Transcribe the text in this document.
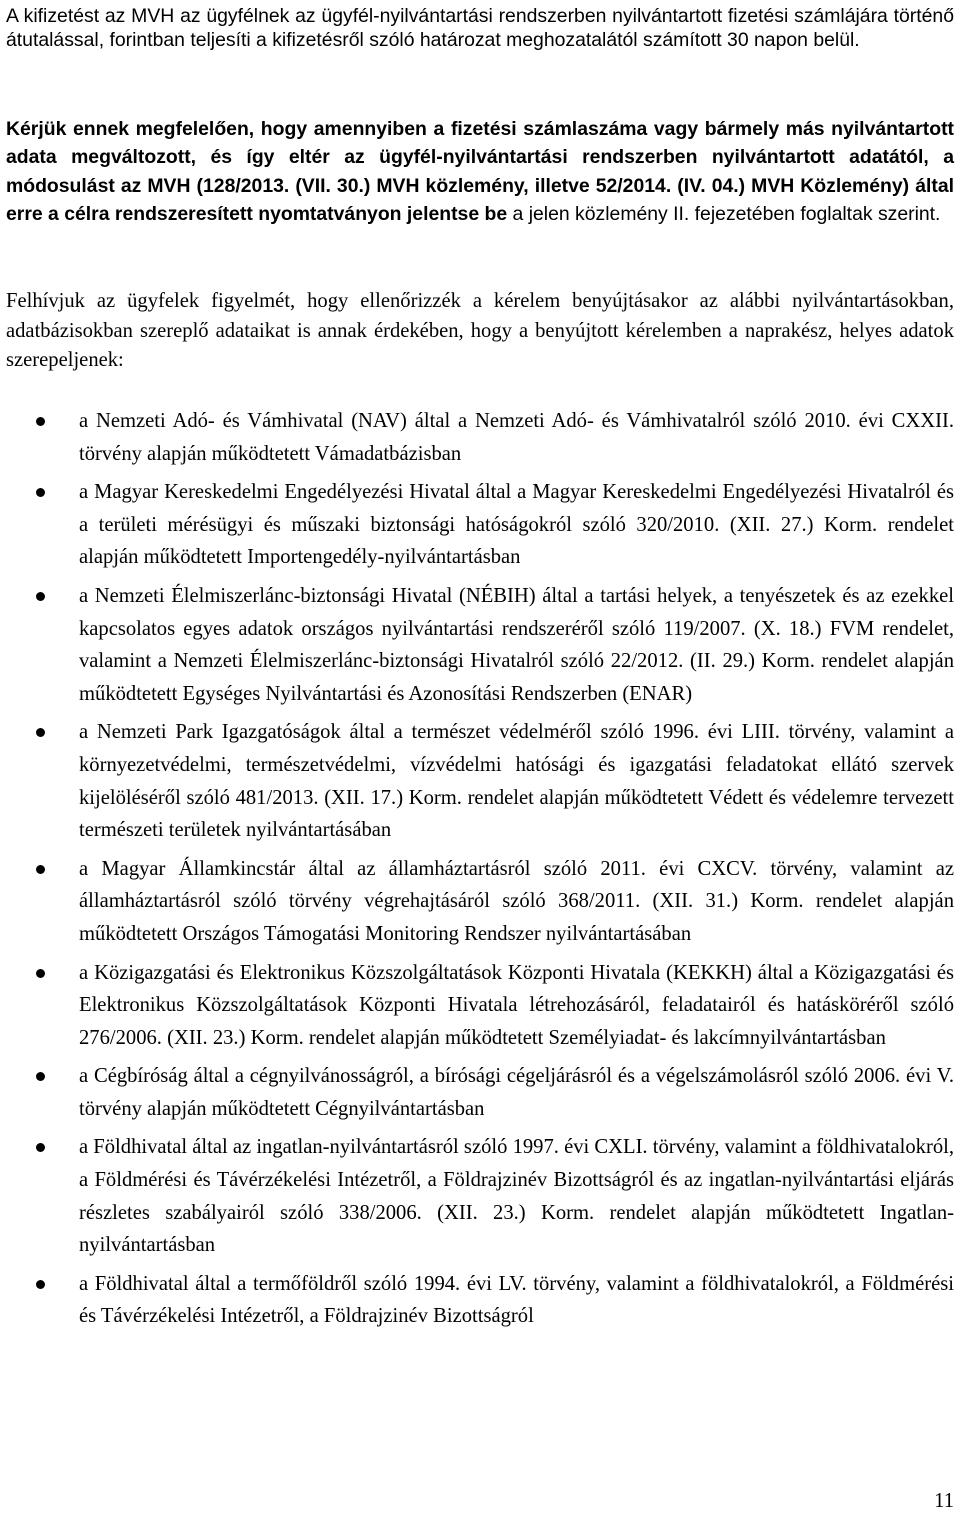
A kifizetést az MVH az ügyfélnek az ügyfél-nyilvántartási rendszerben nyilvántartott fizetési számlájára történő átutalással, forintban teljesíti a kifizetésről szóló határozat meghozatalától számított 30 napon belül.

Kérjük ennek megfelelően, hogy amennyiben a fizetési számlaszáma vagy bármely más nyilvántartott adata megváltozott, és így eltér az ügyfél-nyilvántartási rendszerben nyilvántartott adatától, a módosulást az MVH (128/2013. (VII. 30.) MVH közlemény, illetve 52/2014. (IV. 04.) MVH Közlemény) által erre a célra rendszeresített nyomtatványon jelentse be a jelen közlemény II. fejezetében foglaltak szerint.

Felhívjuk az ügyfelek figyelmét, hogy ellenőrizzék a kérelem benyújtásakor az alábbi nyilvántartásokban, adatbázisokban szereplő adataikat is annak érdekében, hogy a benyújtott kérelemben a naprakész, helyes adatok szerepeljenek:

a Nemzeti Adó- és Vámhivatal (NAV) által a Nemzeti Adó- és Vámhivatalról szóló 2010. évi CXXII. törvény alapján működtetett Vámadatbázisban
a Magyar Kereskedelmi Engedélyezési Hivatal által a Magyar Kereskedelmi Engedélyezési Hivatalról és a területi mérésügyi és műszaki biztonsági hatóságokról szóló 320/2010. (XII. 27.) Korm. rendelet alapján működtetett Importengedély-nyilvántartásban
a Nemzeti Élelmiszerlánc-biztonsági Hivatal (NÉBIH) által a tartási helyek, a tenyészetek és az ezekkel kapcsolatos egyes adatok országos nyilvántartási rendszeréről szóló 119/2007. (X. 18.) FVM rendelet, valamint a Nemzeti Élelmiszerlánc-biztonsági Hivatalról szóló 22/2012. (II. 29.) Korm. rendelet alapján működtetett Egységes Nyilvántartási és Azonosítási Rendszerben (ENAR)
a Nemzeti Park Igazgatóságok által a természet védelméről szóló 1996. évi LIII. törvény, valamint a környezetvédelmi, természetvédelmi, vízvédelmi hatósági és igazgatási feladatokat ellátó szervek kijelöléséről szóló 481/2013. (XII. 17.) Korm. rendelet alapján működtetett Védett és védelemre tervezett természeti területek nyilvántartásában
a Magyar Államkincstár által az államháztartásról szóló 2011. évi CXCV. törvény, valamint az államháztartásról szóló törvény végrehajtásáról szóló 368/2011. (XII. 31.) Korm. rendelet alapján működtetett Országos Támogatási Monitoring Rendszer nyilvántartásában
a Közigazgatási és Elektronikus Közszolgáltatások Központi Hivatala (KEKKH) által a Közigazgatási és Elektronikus Közszolgáltatások Központi Hivatala létrehozásáról, feladatairól és hatásköréről szóló 276/2006. (XII. 23.) Korm. rendelet alapján működtetett Személyiadat- és lakcímnyilvántartásban
a Cégbíróság által a cégnyilvánosságról, a bírósági cégeljárásról és a végelszámolásról szóló 2006. évi V. törvény alapján működtetett Cégnyilvántartásban
a Földhivatal által az ingatlan-nyilvántartásról szóló 1997. évi CXLI. törvény, valamint a földhivatalokról, a Földmérési és Távérzékelési Intézetről, a Földrajzinév Bizottságról és az ingatlan-nyilvántartási eljárás részletes szabályairól szóló 338/2006. (XII. 23.) Korm. rendelet alapján működtetett Ingatlan-nyilvántartásban
a Földhivatal által a termőföldről szóló 1994. évi LV. törvény, valamint a földhivatalokról, a Földmérési és Távérzékelési Intézetről, a Földrajzinév Bizottságról
11
